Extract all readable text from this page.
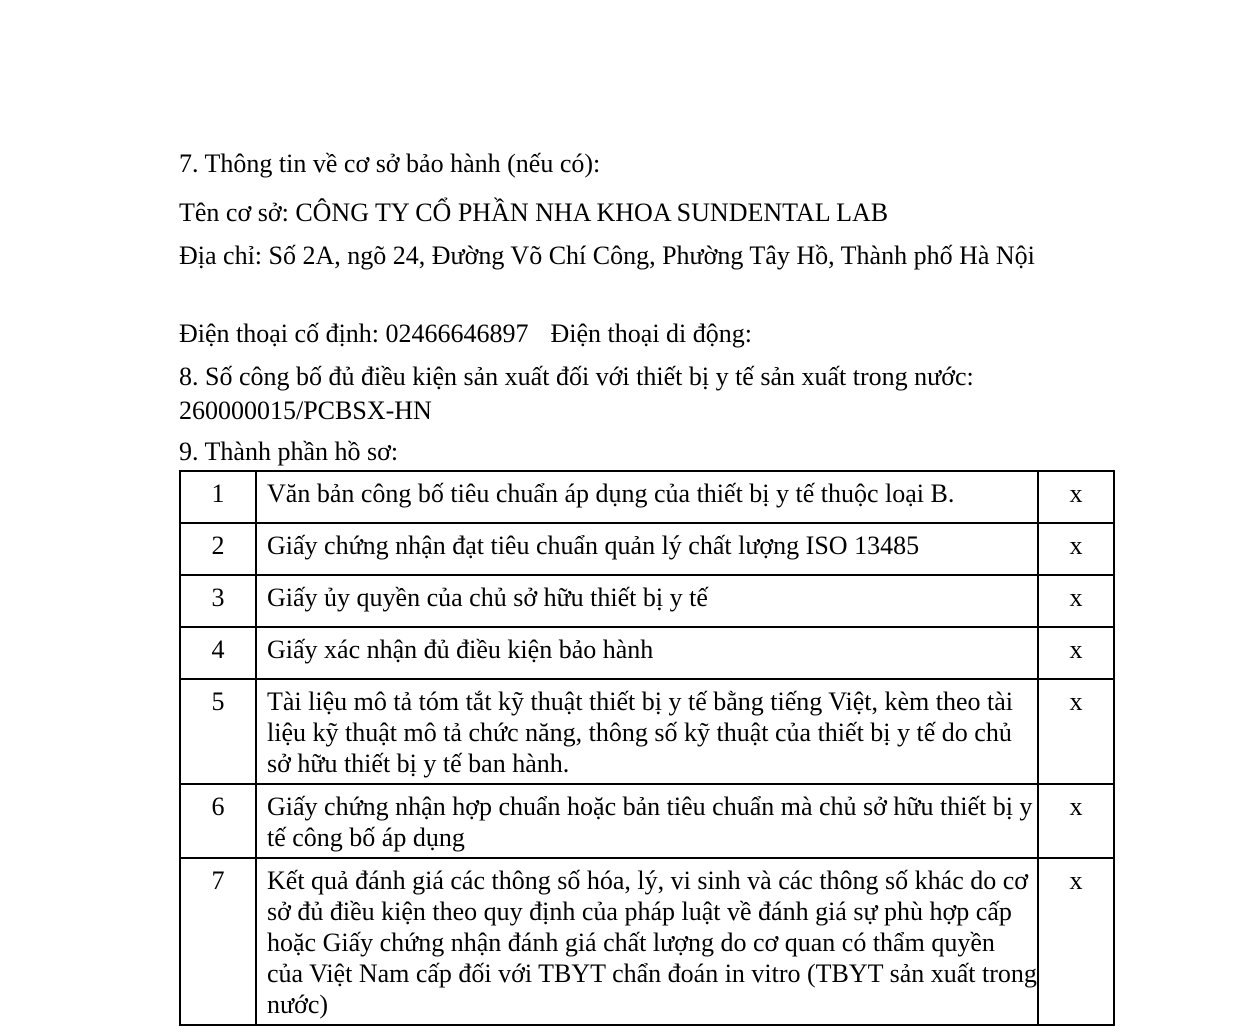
7. Thông tin về cơ sở bảo hành (nếu có):
Tên cơ sở: CÔNG TY CỔ PHẦN NHA KHOA SUNDENTAL LAB
Địa chỉ: Số 2A, ngõ 24, Đường Võ Chí Công, Phường Tây Hồ, Thành phố Hà Nội
Điện thoại cố định: 02466646897 Điện thoại di động:
8. Số công bố đủ điều kiện sản xuất đối với thiết bị y tế sản xuất trong nước: 260000015/PCBSX-HN
9. Thành phần hồ sơ:
1	Văn bản công bố tiêu chuẩn áp dụng của thiết bị y tế thuộc loại B.	x
2	Giấy chứng nhận đạt tiêu chuẩn quản lý chất lượng ISO 13485	x
3	Giấy ủy quyền của chủ sở hữu thiết bị y tế	x
4	Giấy xác nhận đủ điều kiện bảo hành	x
5	Tài liệu mô tả tóm tắt kỹ thuật thiết bị y tế bằng tiếng Việt, kèm theo tài liệu kỹ thuật mô tả chức năng, thông số kỹ thuật của thiết bị y tế do chủ sở hữu thiết bị y tế ban hành.	x
6	Giấy chứng nhận hợp chuẩn hoặc bản tiêu chuẩn mà chủ sở hữu thiết bị y tế công bố áp dụng	x
7	Kết quả đánh giá các thông số hóa, lý, vi sinh và các thông số khác do cơ sở đủ điều kiện theo quy định của pháp luật về đánh giá sự phù hợp cấp hoặc Giấy chứng nhận đánh giá chất lượng do cơ quan có thẩm quyền của Việt Nam cấp đối với TBYT chẩn đoán in vitro (TBYT sản xuất trong nước)	x
